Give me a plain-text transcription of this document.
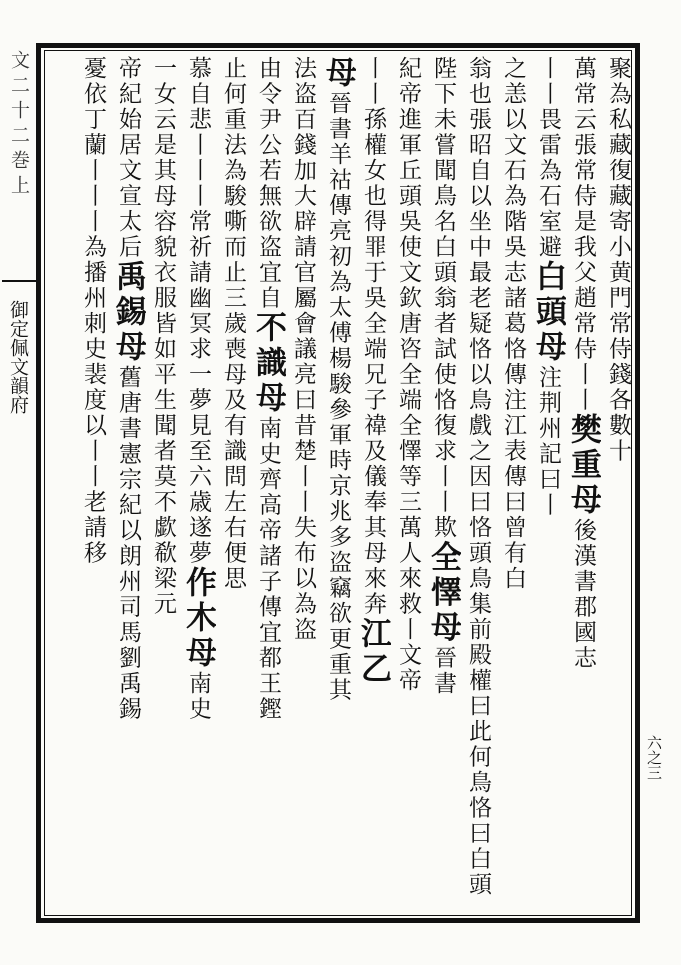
文二十二巻上
御定佩文韻府
六之三
聚為私藏復藏寄小黄門常侍錢各數十
萬常云張常侍是我父趙常侍丨丨樊重母後漢書郡國志
丨丨畏雷為石室避白頭母注荆州記曰丨
之恙以文石為階吳志諸葛恪傳注江表傳曰曾有白
翁也張昭自以坐中最老疑恪以鳥戲之因曰恪頭鳥集前殿權曰此何鳥恪曰白頭
陛下未嘗聞鳥名白頭翁者試使恪復求丨丨欺全懌母晉書
紀帝進軍丘頭吳使文欽唐咨全端全懌等三萬人來救丨文帝
丨丨孫權女也得罪于吳全端兄子禕及儀奉其母來奔江乙
母晉書羊祜傳亮初為太傅楊駿參軍時京兆多盗竊欲更重其
法盗百錢加大辟請官屬會議亮曰昔楚丨丨失布以為盗
由令尹公若無欲盗宜自不識母南史齊高帝諸子傳宜都王鏗
止何重法為駿嘶而止三歲喪母及有識問左右便思
慕自悲丨丨丨常祈請幽冥求一夢見至六歳遂夢作木母南史
一女云是其母容貌衣服皆如平生聞者莫不歔欷梁元
帝紀始居文宣太后禹錫母舊唐書憲宗紀以朗州司馬劉禹錫
憂依丁蘭丨丨丨為播州刺史裴度以丨丨老請移
